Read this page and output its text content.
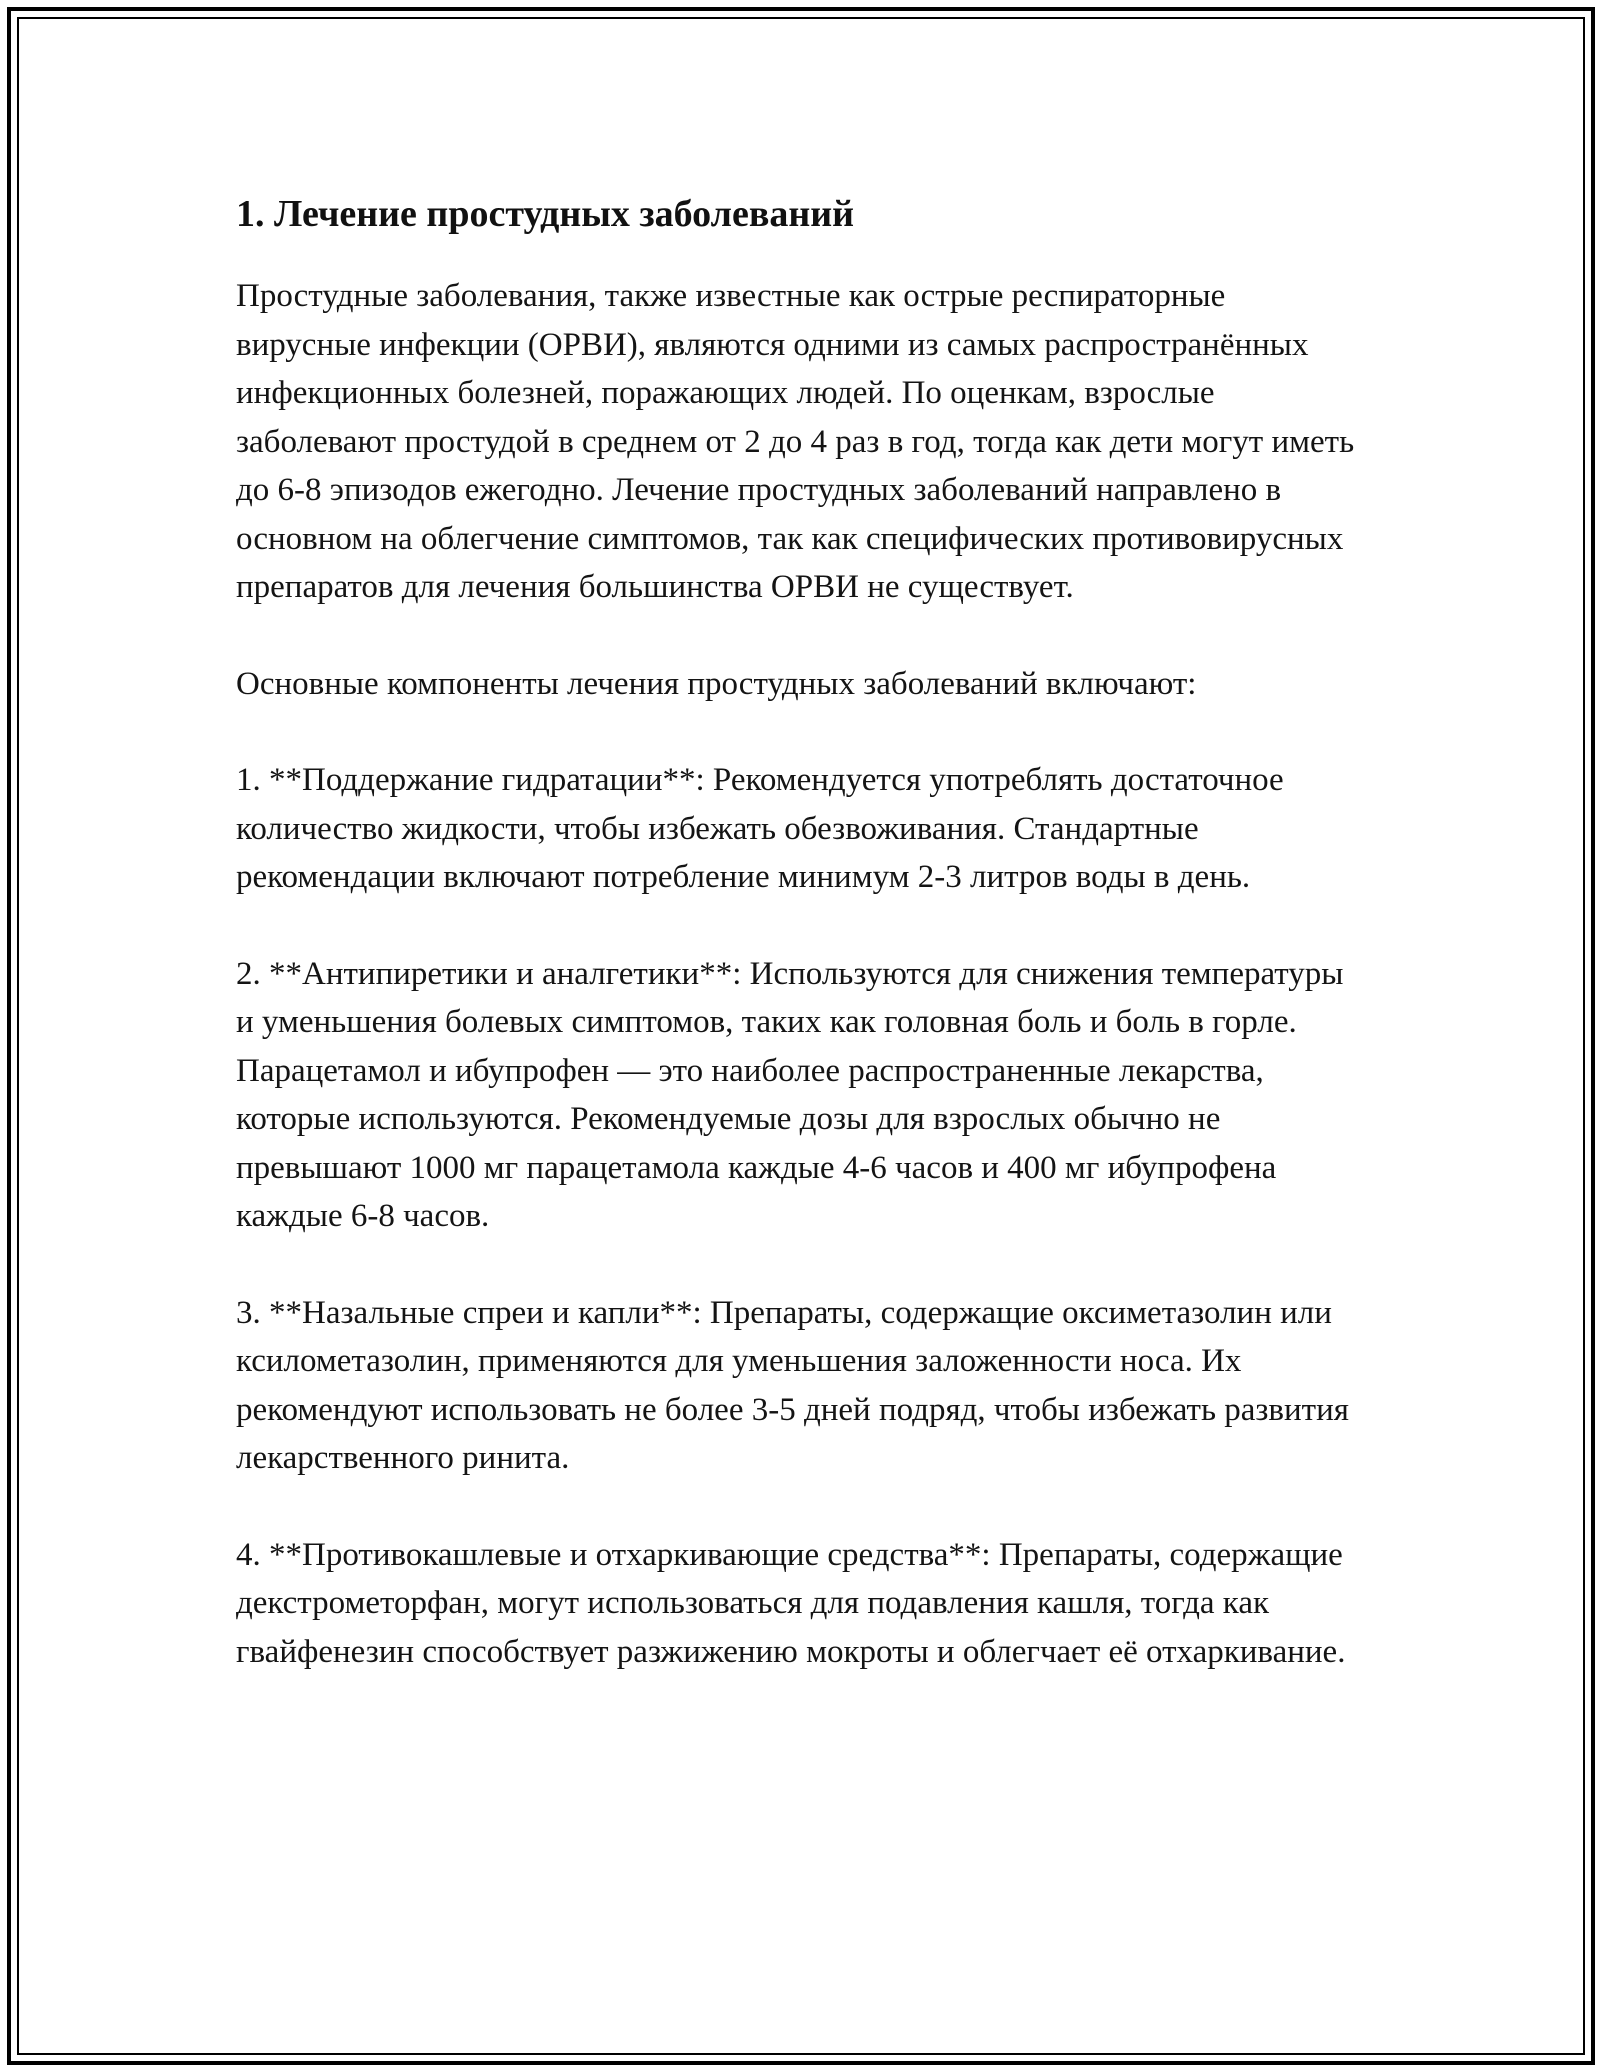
1. Лечение простудных заболеваний

Простудные заболевания, также известные как острые респираторные вирусные инфекции (ОРВИ), являются одними из самых распространённых инфекционных болезней, поражающих людей. По оценкам, взрослые заболевают простудой в среднем от 2 до 4 раз в год, тогда как дети могут иметь до 6-8 эпизодов ежегодно. Лечение простудных заболеваний направлено в основном на облегчение симптомов, так как специфических противовирусных препаратов для лечения большинства ОРВИ не существует.

Основные компоненты лечения простудных заболеваний включают:

1. **Поддержание гидратации**: Рекомендуется употреблять достаточное количество жидкости, чтобы избежать обезвоживания. Стандартные рекомендации включают потребление минимум 2-3 литров воды в день.

2. **Антипиретики и аналгетики**: Используются для снижения температуры и уменьшения болевых симптомов, таких как головная боль и боль в горле. Парацетамол и ибупрофен — это наиболее распространенные лекарства, которые используются. Рекомендуемые дозы для взрослых обычно не превышают 1000 мг парацетамола каждые 4-6 часов и 400 мг ибупрофена каждые 6-8 часов.

3. **Назальные спреи и капли**: Препараты, содержащие оксиметазолин или ксилометазолин, применяются для уменьшения заложенности носа. Их рекомендуют использовать не более 3-5 дней подряд, чтобы избежать развития лекарственного ринита.

4. **Противокашлевые и отхаркивающие средства**: Препараты, содержащие декстрометорфан, могут использоваться для подавления кашля, тогда как гвайфенезин способствует разжижению мокроты и облегчает её отхаркивание.
